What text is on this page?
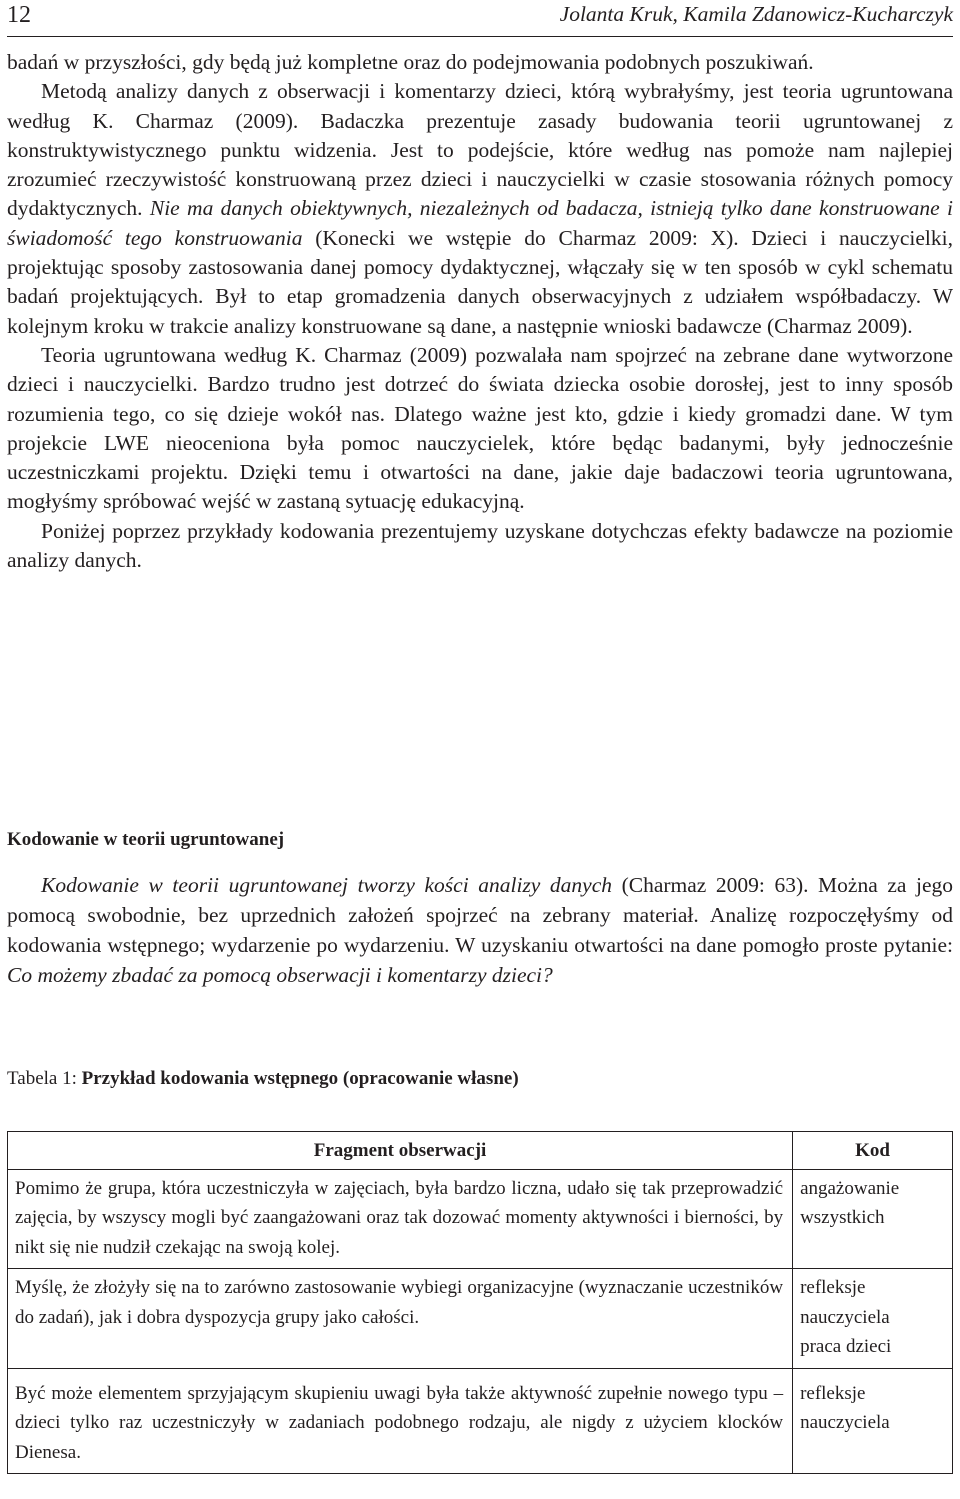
12	Jolanta Kruk, Kamila Zdanowicz-Kucharczyk

badań w przyszłości, gdy będą już kompletne oraz do podejmowania podobnych poszukiwań.

Metodą analizy danych z obserwacji i komentarzy dzieci, którą wybrałyśmy, jest teoria ugruntowana według K. Charmaz (2009). Badaczka prezentuje zasady budowania teorii ugruntowanej z konstruktywistycznego punktu widzenia. Jest to podejście, które według nas pomoże nam najlepiej zrozumieć rzeczywistość konstruowaną przez dzieci i nauczycielki w czasie stosowania różnych pomocy dydaktycznych. Nie ma danych obiektywnych, niezależnych od badacza, istnieją tylko dane konstruowane i świadomość tego konstruowania (Konecki we wstępie do Charmaz 2009: X). Dzieci i nauczycielki, projektując sposoby zastosowania danej pomocy dydaktycznej, włączały się w ten sposób w cykl schematu badań projektujących. Był to etap gromadzenia danych obserwacyjnych z udziałem współbadaczy. W kolejnym kroku w trakcie analizy konstruowane są dane, a następnie wnioski badawcze (Charmaz 2009).

Teoria ugruntowana według K. Charmaz (2009) pozwalała nam spojrzeć na zebrane dane wytworzone dzieci i nauczycielki. Bardzo trudno jest dotrzeć do świata dziecka osobie dorosłej, jest to inny sposób rozumienia tego, co się dzieje wokół nas. Dlatego ważne jest kto, gdzie i kiedy gromadzi dane. W tym projekcie LWE nieoceniona była pomoc nauczycielek, które będąc badanymi, były jednocześnie uczestniczkami projektu. Dzięki temu i otwartości na dane, jakie daje badaczowi teoria ugruntowana, mogłyśmy spróbować wejść w zastaną sytuację edukacyjną.

Poniżej poprzez przykłady kodowania prezentujemy uzyskane dotychczas efekty badawcze na poziomie analizy danych.

Kodowanie w teorii ugruntowanej

Kodowanie w teorii ugruntowanej tworzy kości analizy danych (Charmaz 2009: 63). Można za jego pomocą swobodnie, bez uprzednich założeń spojrzeć na zebrany materiał. Analizę rozpoczęłyśmy od kodowania wstępnego; wydarzenie po wydarzeniu. W uzyskaniu otwartości na dane pomogło proste pytanie: Co możemy zbadać za pomocą obserwacji i komentarzy dzieci?

Tabela 1: Przykład kodowania wstępnego (opracowanie własne)
Fragment obserwacji	Kod
Pomimo że grupa, która uczestniczyła w zajęciach, była bardzo liczna, udało się tak przeprowadzić zajęcia, by wszyscy mogli być zaangażowani oraz tak dozować momenty aktywności i bierności, by nikt się nie nudził czekając na swoją kolej.	angażowanie
wszystkich

Myślę, że złożyły się na to zarówno zastosowanie wybiegi organizacyjne (wyznaczanie uczestników do zadań), jak i dobra dyspozycja grupy jako całości.	refleksje
nauczyciela
praca dzieci

Być może elementem sprzyjającym skupieniu uwagi była także aktywność zupełnie nowego typu – dzieci tylko raz uczestniczyły w zadaniach podobnego rodzaju, ale nigdy z użyciem klocków Dienesa.	refleksje
nauczyciela
